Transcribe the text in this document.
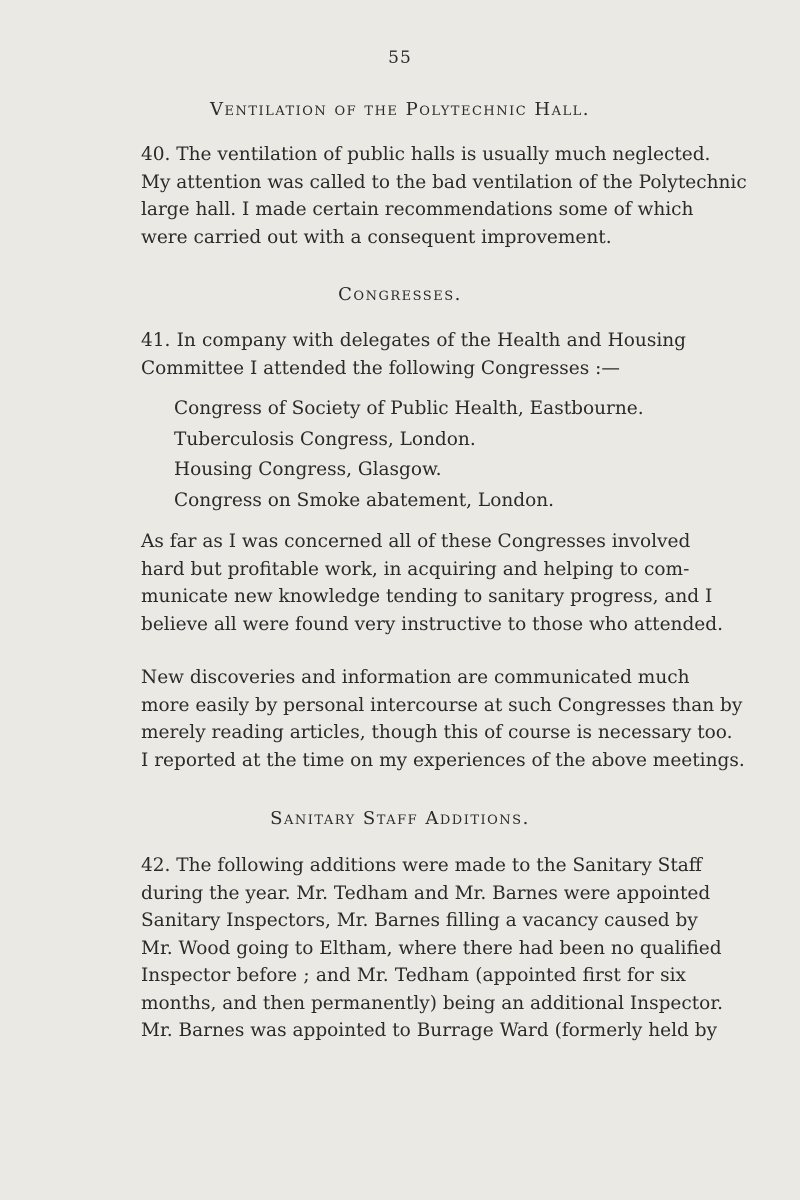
55
Ventilation of the Polytechnic Hall.
40. The ventilation of public halls is usually much neglected.
My attention was called to the bad ventilation of the Polytechnic
large hall. I made certain recommendations some of which
were carried out with a consequent improvement.
Congresses.
41. In company with delegates of the Health and Housing
Committee I attended the following Congresses :—
Congress of Society of Public Health, Eastbourne.
Tuberculosis Congress, London.
Housing Congress, Glasgow.
Congress on Smoke abatement, London.
As far as I was concerned all of these Congresses involved
hard but profitable work, in acquiring and helping to com-
municate new knowledge tending to sanitary progress, and I
believe all were found very instructive to those who attended.
New discoveries and information are communicated much
more easily by personal intercourse at such Congresses than by
merely reading articles, though this of course is necessary too.
I reported at the time on my experiences of the above meetings.
Sanitary Staff Additions.
42. The following additions were made to the Sanitary Staff
during the year. Mr. Tedham and Mr. Barnes were appointed
Sanitary Inspectors, Mr. Barnes filling a vacancy caused by
Mr. Wood going to Eltham, where there had been no qualified
Inspector before ; and Mr. Tedham (appointed first for six
months, and then permanently) being an additional Inspector.
Mr. Barnes was appointed to Burrage Ward (formerly held by
